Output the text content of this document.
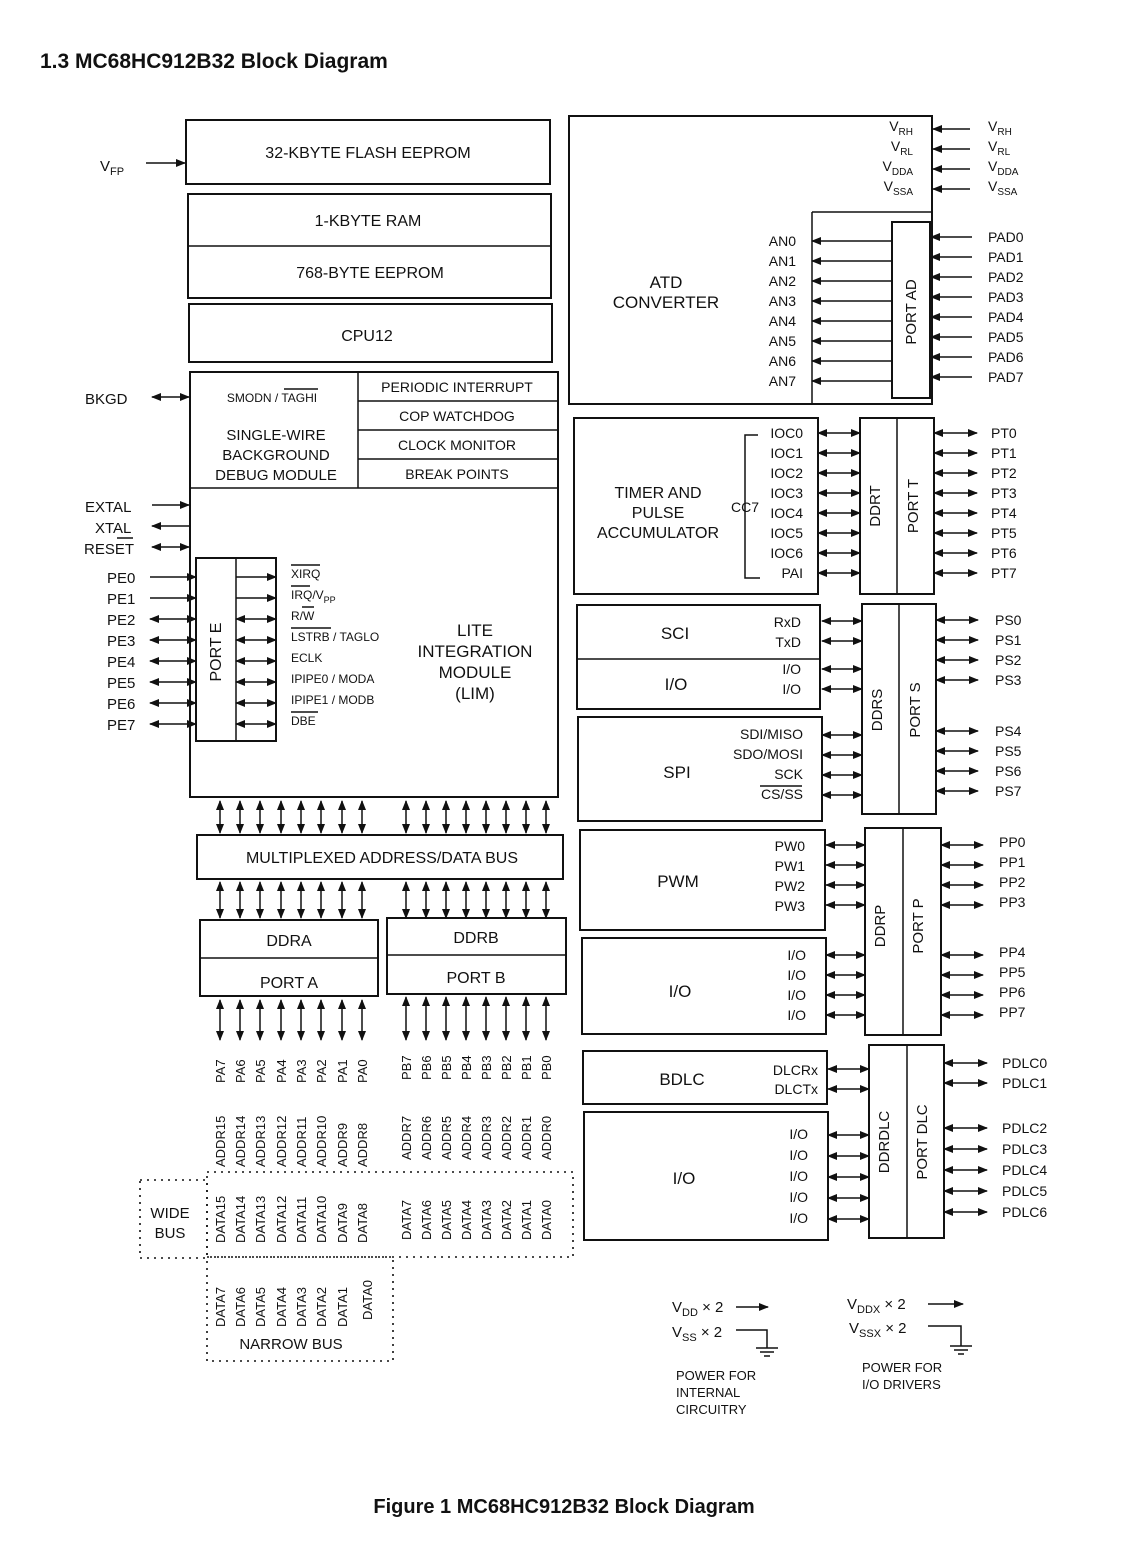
1.3 MC68HC912B32 Block Diagram
32-KBYTE FLASH EEPROM
1-KBYTE RAM
768-BYTE EEPROM
CPU12
$V_{FP}$
SMODN / TAGHI
SINGLE-WIRE
BACKGROUND
DEBUG MODULE
PERIODIC INTERRUPT
COP WATCHDOG
CLOCK MONITOR
BREAK POINTS
BKGD
EXTAL
XTAL
RESET
PORT E
PE0
PE1
PE2
PE3
PE4
PE5
PE6
PE7
XIRQ
IRQ/$V_{PP}$
R/W
LSTRB / TAGLO
ECLK
IPIPE0 / MODA
IPIPE1 / MODB
DBE
LITE
INTEGRATION
MODULE
(LIM)
MULTIPLEXED ADDRESS/DATA BUS
DDRA
PORT A
DDRB
PORT B
PA7 PA6 PA5 PA4 PA3 PA2 PA1 PA0 PB7 PB6 PB5 PB4 PB3 PB2 PB1 PB0
ADDR15 ADDR14 ADDR13 ADDR12 ADDR11 ADDR10 ADDR9 ADDR8 ADDR7 ADDR6 ADDR5 ADDR4 ADDR3 ADDR2 ADDR1 ADDR0
DATA15 DATA14 DATA13 DATA12 DATA11 DATA10 DATA9 DATA8 DATA7 DATA6 DATA5 DATA4 DATA3 DATA2 DATA1 DATA0
DATA7 DATA6 DATA5 DATA4 DATA3 DATA2 DATA1 DATA0
WIDE
BUS
NARROW BUS
ATD
CONVERTER
$V_{RH}$	$V_{RH}$
$V_{RL}$	$V_{RL}$
$V_{DDA}$	$V_{DDA}$
$V_{SSA}$	$V_{SSA}$
AN0	PAD0
AN1	PAD1
AN2	PAD2
AN3	PAD3
AN4	PAD4
AN5	PAD5
AN6	PAD6
AN7	PAD7
PORT AD
TIMER AND
PULSE
ACCUMULATOR
CC7
IOC0	PT0
IOC1	PT1
IOC2	PT2
IOC3	PT3
IOC4	PT4
IOC5	PT5
IOC6	PT6
PAI	PT7
DDRT PORT T
SCI
RxD
TxD
I/O
I/O
I/O
SPI
SDI/MISO
SDO/MOSI
SCK
CS/SS
PS0
PS1
PS2
PS3
PS4
PS5
PS6
PS7
DDRS PORT S
PWM
PW0
PW1
PW2
PW3
I/O
I/O
I/O
I/O
I/O
PP0
PP1
PP2
PP3
PP4
PP5
PP6
PP7
DDRP PORT P
BDLC	DLCRx
DLCTx
I/O
I/O
I/O
I/O
I/O
I/O
PDLC0
PDLC1
PDLC2
PDLC3
PDLC4
PDLC5
PDLC6
DDRDLC PORT DLC
$V_{DD} \times 2$
$V_{SS} \times 2$
POWER FOR
INTERNAL
CIRCUITRY
$V_{DDX} \times 2$
$V_{SSX} \times 2$
POWER FOR
I/O DRIVERS
Figure 1 MC68HC912B32 Block Diagram
